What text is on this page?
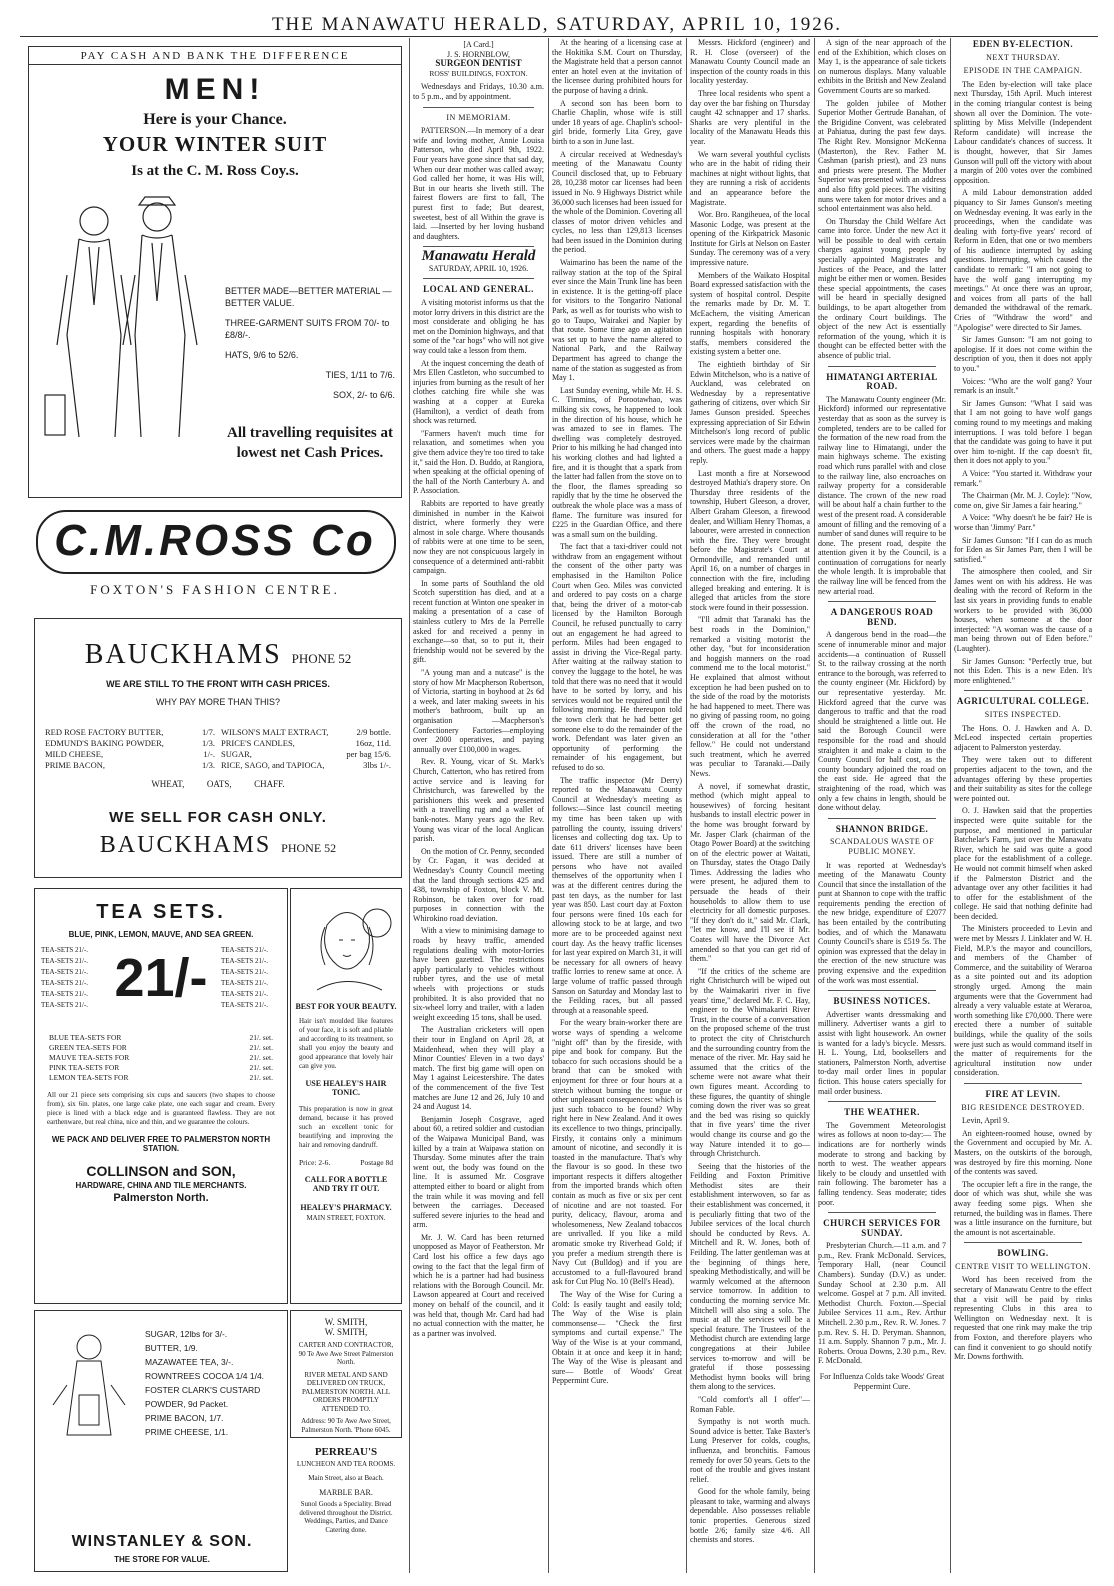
THE MANAWATU HERALD, SATURDAY, APRIL 10, 1926.
PAY CASH AND BANK THE DIFFERENCE
MEN!
Here is your Chance.
YOUR WINTER SUIT
Is at the C. M. Ross Coy.s.
BETTER MADE—BETTER MATERIAL —BETTER VALUE.
THREE-GARMENT SUITS FROM 70/- to £8/8/-.
HATS, 9/6 to 52/6.
TIES, 1/11 to 7/6.
SOX, 2/- to 6/6.
All travelling requisites at
lowest net Cash Prices.
C.M.ROSS Co
FOXTON'S FASHION CENTRE.
BAUCKHAMS PHONE 52
WE ARE STILL TO THE FRONT WITH CASH PRICES.
WHY PAY MORE THAN THIS?
RED ROSE FACTORY BUTTER,	1/7.
EDMUND'S BAKING POWDER,	1/3.
MILD CHEESE,	1/-.
PRIME BACON,	1/3.
WILSON'S MALT EXTRACT,	2/9 bottle.
PRICE'S CANDLES,	16oz, 11d.
SUGAR,	per bag 15/6.
RICE, SAGO, and TAPIOCA,	3lbs 1/-.
WHEAT,          OATS,          CHAFF.
WE SELL FOR CASH ONLY.
BAUCKHAMS PHONE 52
TEA SETS.
BLUE, PINK, LEMON, MAUVE, AND SEA GREEN.
TEA-SETS 21/-.
TEA-SETS 21/-.
TEA-SETS 21/-.
TEA-SETS 21/-.
TEA-SETS 21/-.
TEA-SETS 21/-. 21/-	TEA-SETS 21/-.
TEA-SETS 21/-.
TEA-SETS 21/-.
TEA-SETS 21/-.
TEA-SETS 21/-.
TEA-SETS 21/-.
BLUE TEA-SETS FOR	21/. set.
GREEN TEA-SETS FOR	21/. set.
MAUVE TEA-SETS FOR	21/. set.
PINK TEA-SETS FOR	21/. set.
LEMON TEA-SETS FOR	21/. set.
All our 21 piece sets comprising six cups and saucers (two shapes to choose from), six 6in. plates, one large cake plate, one each sugar and cream. Every piece is lined with a black edge and is guaranteed flawless. They are not earthenware, but real china, nice and thin, and we guarantee the colours.
WE PACK AND DELIVER FREE TO PALMERSTON NORTH STATION.
COLLINSON and SON,
HARDWARE, CHINA AND TILE MERCHANTS.
Palmerston North.
BEST FOR YOUR BEAUTY.
Hair isn't moulded like features of your face, it is soft and pliable and according to its treatment, so shall you enjoy the beauty and good appearance that lovely hair can give you.
USE HEALEY'S HAIR TONIC.
This preparation is now in great demand, because it has proved such an excellent tonic for beautifying and improving the hair and removing dandruff.
Price: 2-6.	Postage 8d
CALL FOR A BOTTLE AND TRY IT OUT.
HEALEY'S PHARMACY.
MAIN STREET, FOXTON.
SUGAR, 12lbs for 3/-.
BUTTER, 1/9.
MAZAWATEE TEA, 3/-.
ROWNTREES COCOA 1/4 1/4.
FOSTER CLARK'S CUSTARD POWDER, 9d Packet.
PRIME BACON, 1/7.
PRIME CHEESE, 1/1.
WINSTANLEY & SON.
THE STORE FOR VALUE.
W. SMITH,
W. SMITH,
CARTER AND CONTRACTOR, 90 Te Awe Awe Street Palmerston North.
RIVER METAL AND SAND DELIVERED ON TRUCK, PALMERSTON NORTH. ALL ORDERS PROMPTLY ATTENDED TO.
Address: 90 Te Awe Awe Street, Palmerston North. 'Phone 6045.
PERREAU'S
LUNCHEON AND TEA ROOMS.
Main Street, also at Beach.
MARBLE BAR.
Sunol Goods a Speciality. Bread delivered throughout the District. Weddings, Parties, and Dance Catering done.
[A Card.]
J. S. HORNBLOW,
SURGEON DENTIST
ROSS' BUILDINGS, FOXTON.

Wednesdays and Fridays, 10.30 a.m. to 5 p.m., and by appointment.

IN MEMORIAM.

PATTERSON.—In memory of a dear wife and loving mother, Annie Louisa Patterson, who died April 9th, 1922. Four years have gone since that sad day, When our dear mother was called away; God called her home, it was His will, But in our hearts she liveth still. The fairest flowers are first to fall, The purest first to fade; But dearest, sweetest, best of all Within the grave is laid. —Inserted by her loving husband and daughters.

Manawatu Herald
SATURDAY, APRIL 10, 1926.
LOCAL AND GENERAL.

A visiting motorist informs us that the motor lorry drivers in this district are the most considerate and obliging he has met on the Dominion highways, and that some of the "car hogs" who will not give way could take a lesson from them.

At the inquest concerning the death of Mrs Ellen Castleton, who succumbed to injuries from burning as the result of her clothes catching fire while she was washing at a copper at Eureka (Hamilton), a verdict of death from shock was returned.

"Farmers haven't much time for relaxation, and sometimes when you give them advice they're too tired to take it," said the Hon. D. Buddo, at Rangiora, when speaking at the official opening of the hall of the North Canterbury A. and P. Association.

Rabbits are reported to have greatly diminished in number in the Kaiwoi district, where formerly they were almost in sole charge. Where thousands of rabbits were at one time to be seen, now they are not conspicuous largely in consequence of a determined anti-rabbit campaign.

In some parts of Southland the old Scotch superstition has died, and at a recent function at Winton one speaker in making a presentation of a case of stainless cutlery to Mrs de la Perrelle asked for and received a penny in exchange—so that, so to put it, their friendship would not be severed by the gift.

"A young man and a nutcase" is the story of how Mr Macpherson Robertson, of Victoria, starting in boyhood at 2s 6d a week, and later making sweets in his mother's bathroom, built up an organisation —Macpherson's Confectionery Factories—employing over 2000 operatives, and paying annually over £100,000 in wages.

Rev. R. Young, vicar of St. Mark's Church, Catterton, who has retired from active service and is leaving for Christchurch, was farewelled by the parishioners this week and presented with a travelling rug and a wallet of bank-notes. Many years ago the Rev. Young was vicar of the local Anglican parish.

On the motion of Cr. Penny, seconded by Cr. Fagan, it was decided at Wednesday's County Council meeting that the land through sections 425 and 438, township of Foxton, block V. Mt. Robinson, be taken over for road purposes in connection with the Whirokino road deviation.

With a view to minimising damage to roads by heavy traffic, amended regulations dealing with motor-lorries have been gazetted. The restrictions apply particularly to vehicles without rubber tyres, and the use of metal wheels with projections or studs prohibited. It is also provided that no six-wheel lorry and trailer, with a laden weight exceeding 15 tons, shall be used.

The Australian cricketers will open their tour in England on April 28, at Maidenhead, when they will play a Minor Counties' Eleven in a two days' match. The first big game will open on May 1 against Leicestershire. The dates of the commencement of the five Test matches are June 12 and 26, July 10 and 24 and August 14.

Benjamin Joseph Cosgrave, aged about 60, a retired soldier and custodian of the Waipawa Municipal Band, was killed by a train at Waipawa station on Thursday. Some minutes after the train went out, the body was found on the line. It is assumed Mr. Cosgrave attempted either to board or alight from the train while it was moving and fell between the carriages. Deceased suffered severe injuries to the head and arm.

Mr. J. W. Card has been returned unopposed as Mayor of Featherston. Mr Card lost his office a few days ago owing to the fact that the legal firm of which he is a partner had had business relations with the Borough Council. Mr. Lawson appeared at Court and received money on behalf of the council, and it was held that, though Mr. Card had had no actual connection with the matter, he as a partner was involved.

At the hearing of a licensing case at the Hokitika S.M. Court on Thursday, the Magistrate held that a person cannot enter an hotel even at the invitation of the licensee during prohibited hours for the purpose of having a drink.

A second son has been born to Charlie Chaplin, whose wife is still under 18 years of age. Chaplin's school-girl bride, formerly Lita Grey, gave birth to a son in June last.

A circular received at Wednesday's meeting of the Manawatu County Council disclosed that, up to February 28, 10,238 motor car licenses had been issued in No. 9 Highways District while 36,000 such licenses had been issued for the whole of the Dominion. Covering all classes of motor driven vehicles and cycles, no less than 129,813 licenses had been issued in the Dominion during the period.

Waimarino has been the name of the railway station at the top of the Spiral ever since the Main Trunk line has been in existence. It is the getting-off place for visitors to the Tongariro National Park, as well as for tourists who wish to go to Taupo, Wairakei and Napier by that route. Some time ago an agitation was set up to have the name altered to National Park, and the Railway Department has agreed to change the name of the station as suggested as from May 1.

Last Sunday evening, while Mr. H. S. C. Timmins, of Porootawhao, was milking six cows, he happened to look in the direction of his house, which he was amazed to see in flames. The dwelling was completely destroyed. Prior to his milking he had changed into his working clothes and had lighted a fire, and it is thought that a spark from the latter had fallen from the stove on to the floor, the flames spreading so rapidly that by the time he observed the outbreak the whole place was a mass of flame. The furniture was insured for £225 in the Guardian Office, and there was a small sum on the building.

The fact that a taxi-driver could not withdraw from an engagement without the consent of the other party was emphasised in the Hamilton Police Court when Geo. Miles was convicted and ordered to pay costs on a charge that, being the driver of a motor-cab licensed by the Hamilton Borough Council, he refused punctually to carry out an engagement he had agreed to perform. Miles had been engaged to assist in driving the Vice-Regal party. After waiting at the railway station to convey the luggage to the hotel, he was told that there was no need that it would have to be sorted by lorry, and his services would not be required until the following morning. He thereupon told the town clerk that he had better get someone else to do the remainder of the work. Defendant was later given an opportunity of performing the remainder of his engagement, but refused to do so.

The traffic inspector (Mr Derry) reported to the Manawatu County Council at Wednesday's meeting as follows:—Since last council meeting my time has been taken up with patrolling the county, issuing drivers' licenses and collecting dog tax. Up to date 611 drivers' licenses have been issued. There are still a number of persons who have not availed themselves of the opportunity when I was at the different centres during the past ten days, as the number for last year was 850. Last court day at Foxton four persons were fined 10s each for allowing stock to be at large, and two more are to be proceeded against next court day. As the heavy traffic licenses for last year expired on March 31, it will be necessary for all owners of heavy traffic lorries to renew same at once. A large volume of traffic passed through Sanson on Saturday and Monday last to the Feilding races, but all passed through at a reasonable speed.

For the weary brain-worker there are worse ways of spending a welcome "night off" than by the fireside, with pipe and book for company. But the tobacco for such occasions should be a brand that can be smoked with enjoyment for three or four hours at a stretch without burning the tongue or other unpleasant consequences: which is just such tobacco to be found? Why right here in New Zealand. And it owes its excellence to two things, principally. Firstly, it contains only a minimum amount of nicotine, and secondly it is toasted in the manufacture. That's why the flavour is so good. In these two important respects it differs altogether from the imported brands which often contain as much as five or six per cent of nicotine and are not toasted. For purity, delicacy, flavour, aroma and wholesomeness, New Zealand tobaccos are unrivalled. If you like a mild aromatic smoke try Riverhead Gold; if you prefer a medium strength there is Navy Cut (Bulldog) and if you are accustomed to a full-flavoured brand ask for Cut Plug No. 10 (Bell's Head).

The Way of the Wise for Curing a Cold: Is easily taught and easily told; The Way of the Wise is plain commonsense— "Check the first symptoms and curtail expense." The Way of the Wise is at your command, Obtain it at once and keep it in hand; The Way of the Wise is pleasant and sure— Bottle of Woods' Great Peppermint Cure.

Messrs. Hickford (engineer) and R. H. Close (overseer) of the Manawatu County Council made an inspection of the county roads in this locality yesterday.

Three local residents who spent a day over the bar fishing on Thursday caught 42 schnapper and 17 sharks. Sharks are very plentiful in the locality of the Manawatu Heads this year.

We warn several youthful cyclists who are in the habit of riding their machines at night without lights, that they are running a risk of accidents and an appearance before the Magistrate.

Wor. Bro. Rangiheuea, of the local Masonic Lodge, was present at the opening of the Kirkpatrick Masonic Institute for Girls at Nelson on Easter Sunday. The ceremony was of a very impressive nature.

Members of the Waikato Hospital Board expressed satisfaction with the system of hospital control. Despite the remarks made by Dr. M. T. McEachern, the visiting American expert, regarding the benefits of running hospitals with honorary staffs, members considered the existing system a better one.

The eightieth birthday of Sir Edwin Mitchelson, who is a native of Auckland, was celebrated on Wednesday by a representative gathering of citizens, over which Sir James Gunson presided. Speeches expressing appreciation of Sir Edwin Mitchelson's long record of public services were made by the chairman and others. The guest made a happy reply.

Last month a fire at Norsewood destroyed Mathia's drapery store. On Thursday three residents of the township, Hubert Gleeson, a drover, Albert Graham Gleeson, a firewood dealer, and William Henry Thomas, a labourer, were arrested in connection with the fire. They were brought before the Magistrate's Court at Ormondville, and remanded until April 16, on a number of charges in connection with the fire, including alleged breaking and entering. It is alleged that articles from the store stock were found in their possession.

"I'll admit that Taranaki has the best roads in the Dominion," remarked a visiting motorist the other day, "but for inconsideration and hoggish manners on the road commend me to the local motorist." He explained that almost without exception he had been pushed on to the side of the road by the motorists he had happened to meet. There was no giving of passing room, no going off the crown of the road, no consideration at all for the "other fellow." He could not understand such treatment, which he averred was peculiar to Taranaki.—Daily News.

A novel, if somewhat drastic, method (which might appeal to housewives) of forcing hesitant husbands to install electric power in the home was brought forward by Mr. Jasper Clark (chairman of the Otago Power Board) at the switching on of the electric power at Waitati, on Thursday, states the Otago Daily Times. Addressing the ladies who were present, he adjured them to persuade the heads of their households to allow them to use electricity for all domestic purposes. "If they don't do it," said Mr. Clark, "let me know, and I'll see if Mr. Coates will have the Divorce Act amended so that you can get rid of them."

"If the critics of the scheme are right Christchurch will be wiped out by the Waimakariri river in five years' time," declared Mr. F. C. Hay, engineer to the Whimakariri River Trust, in the course of a conversation on the proposed scheme of the trust to protect the city of Christchurch and the surrounding country from the menace of the river. Mr. Hay said he assumed that the critics of the scheme were not aware what their own figures meant. According to these figures, the quantity of shingle coming down the river was so great and the bed was rising so quickly that in five years' time the river would change its course and go the way Nature intended it to go—through Christchurch.

Seeing that the histories of the Feilding and Foxton Primitive Methodist sites are their establishment interwoven, so far as their establishment was concerned, it is peculiarly fitting that two of the Jubilee services of the local church should be conducted by Revs. A. Mitchell and R. W. Jones, both of Feilding. The latter gentleman was at the beginning of things here, speaking Methodistically, and will be warmly welcomed at the afternoon service tomorrow. In addition to conducting the morning service Mr. Mitchell will also sing a solo. The music at all the services will be a special feature. The Trustees of the Methodist church are extending large congregations at their Jubilee services to-morrow and will be grateful if those possessing Methodist hymn books will bring them along to the services.

"Cold comfort's all I offer"—Roman Fable.

Sympathy is not worth much. Sound advice is better. Take Baxter's Lung Preserver for colds, coughs, influenza, and bronchitis. Famous remedy for over 50 years. Gets to the root of the trouble and gives instant relief.

Good for the whole family, being pleasant to take, warming and always dependable. Also possesses reliable tonic properties. Generous sized bottle 2/6; family size 4/6. All chemists and stores.

A sign of the near approach of the end of the Exhibition, which closes on May 1, is the appearance of sale tickets on numerous displays. Many valuable exhibits in the British and New Zealand Government Courts are so marked.

The golden jubilee of Mother Superior Mother Gertrude Banahan, of the Brigidine Convent, was celebrated at Pahiatua, during the past few days. The Right Rev. Monsignor McKenna (Masterton), the Rev. Father M. Cashman (parish priest), and 23 nuns and priests were present. The Mother Superior was presented with an address and also fifty gold pieces. The visiting nuns were taken for motor drives and a school entertainment was also held.

On Thursday the Child Welfare Act came into force. Under the new Act it will be possible to deal with certain charges against young people by specially appointed Magistrates and Justices of the Peace, and the latter might be either men or women. Besides these special appointments, the cases will be heard in specially designed buildings, to be apart altogether from the ordinary Court buildings. The object of the new Act is essentially reformation of the young, which it is thought can be effected better with the absence of public trial.

HIMATANGI ARTERIAL ROAD.

The Manawatu County engineer (Mr. Hickford) informed our representative yesterday that as soon as the survey is completed, tenders are to be called for the formation of the new road from the railway line to Himatangi, under the main highways scheme. The existing road which runs parallel with and close to the railway line, also encroaches on railway property for a considerable distance. The crown of the new road will be about half a chain further to the west of the present road. A considerable amount of filling and the removing of a number of sand dunes will require to be done. The present road, despite the attention given it by the Council, is a continuation of corrugations for nearly the whole length. It is improbable that the railway line will be fenced from the new arterial road.

A DANGEROUS ROAD BEND.

A dangerous bend in the road—the scene of innumerable minor and major accidents—a continuation of Russell St. to the railway crossing at the north entrance to the borough, was referred to the county engineer (Mr. Hickford) by our representative yesterday. Mr. Hickford agreed that the curve was dangerous to traffic and that the road should be straightened a little out. He said the Borough Council were responsible for the road and should straighten it and make a claim to the County Council for half cost, as the county boundary adjoined the road on the east side. He agreed that the straightening of the road, which was only a few chains in length, should be done without delay.

SHANNON BRIDGE.
SCANDALOUS WASTE OF PUBLIC MONEY.

It was reported at Wednesday's meeting of the Manawatu County Council that since the installation of the punt at Shannon to cope with the traffic requirements pending the erection of the new bridge, expenditure of £2077 has been entailed by the contributing bodies, and of which the Manawatu County Council's share is £519 5s. The opinion was expressed that the delay in the erection of the new structure was proving expensive and the expedition of the work was most essential.

BUSINESS NOTICES.

Advertiser wants dressmaking and millinery. Advertiser wants a girl to assist with light housework. An owner is wanted for a lady's bicycle. Messrs. H. L. Young, Ltd, booksellers and stationers, Palmerston North, advertise to-day mail order lines in popular fiction. This house caters specially for mail order business.

THE WEATHER.

The Government Meteorologist wires as follows at noon to-day:— The indications are for northerly winds moderate to strong and backing by north to west. The weather appears likely to be cloudy and unsettled with rain following. The barometer has a falling tendency. Seas moderate; tides poor.

CHURCH SERVICES FOR SUNDAY.

Presbyterian Church.—11 a.m. and 7 p.m., Rev. Frank McDonald. Services, Temporary Hall, (near Council Chambers). Sunday (D.V.) as under. Sunday School at 2.30 p.m. All welcome. Gospel at 7 p.m. All invited. Methodist Church. Foxton.—Special Jubilee Services 11 a.m., Rev. Arthur Mitchell. 2.30 p.m., Rev. R. W. Jones. 7 p.m. Rev. S. H. D. Peryman. Shannon, 11 a.m. Supply. Shannon 7 p.m., Mr. J. Roberts. Oroua Downs, 2.30 p.m., Rev. F. McDonald.

For Influenza Colds take Woods' Great Peppermint Cure.
EDEN BY-ELECTION.
NEXT THURSDAY.
EPISODE IN THE CAMPAIGN.

The Eden by-election will take place next Thursday, 15th April. Much interest in the coming triangular contest is being shown all over the Dominion. The vote-splitting by Miss Melville (Independent Reform candidate) will increase the Labour candidate's chances of success. It is thought, however, that Sir James Gunson will pull off the victory with about a margin of 200 votes over the combined opposition.

A mild Labour demonstration added piquancy to Sir James Gunson's meeting on Wednesday evening. It was early in the proceedings, when the candidate was dealing with forty-five years' record of Reform in Eden, that one or two members of his audience interrupted by asking questions. Interrupting, which caused the candidate to remark: "I am not going to have the wolf gang interrupting my meetings." At once there was an uproar, and voices from all parts of the hall demanded the withdrawal of the remark. Cries of "Withdraw the word" and "Apologise" were directed to Sir James.

Sir James Gunson: "I am not going to apologise. If it does not come within the description of you, then it does not apply to you."

Voices: "Who are the wolf gang? Your remark is an insult."

Sir James Gunson: "What I said was that I am not going to have wolf gangs coming round to my meetings and making interruptions. I was told before I began that the candidate was going to have it put over him to-night. If the cap doesn't fit, then it does not apply to you."

A Voice: "You started it. Withdraw your remark."

The Chairman (Mr. M. J. Coyle): "Now, come on, give Sir James a fair hearing."

A Voice: "Why doesn't he be fair? He is worse than 'Jimmy' Parr."

Sir James Gunson: "If I can do as much for Eden as Sir James Parr, then I will be satisfied."

The atmosphere then cooled, and Sir James went on with his address. He was dealing with the record of Reform in the last six years in providing funds to enable workers to be provided with 36,000 houses, when someone at the door interjected: "A woman was the cause of a man being thrown out of Eden before." (Laughter).

Sir James Gunson: "Perfectly true, but not this Eden. This is a new Eden. It's more enlightened."

AGRICULTURAL COLLEGE.
SITES INSPECTED.

The Hons. O. J. Hawken and A. D. McLeod inspected certain properties adjacent to Palmerston yesterday.

They were taken out to different properties adjacent to the town, and the advantages offering by these properties and their suitability as sites for the college were pointed out.

O. J. Hawken said that the properties inspected were quite suitable for the purpose, and mentioned in particular Batchelar's Farm, just over the Manawatu River, which he said was quite a good place for the establishment of a college. He would not commit himself when asked if the Palmerston District and the advantage over any other facilities it had to offer for the establishment of the college. He said that nothing definite had been decided.

The Ministers proceeded to Levin and were met by Messrs J. Linklater and W. H. Field, M.P.'s the mayor and councillors, and members of the Chamber of Commerce, and the suitability of Weraroa as a site pointed out and its adoption strongly urged. Among the main arguments were that the Government had already a very valuable estate at Weraroa, worth something like £70,000. There were erected there a number of suitable buildings, while the quality of the soils were just such as would command itself in the matter of requirements for the agricultural institution now under consideration.

FIRE AT LEVIN.
BIG RESIDENCE DESTROYED.

Levin, April 9.

An eighteen-roomed house, owned by the Government and occupied by Mr. A. Masters, on the outskirts of the borough, was destroyed by fire this morning. None of the contents was saved.

The occupier left a fire in the range, the door of which was shut, while she was away feeding some pigs. When she returned, the building was in flames. There was a little insurance on the furniture, but the amount is not ascertainable.

BOWLING.
CENTRE VISIT TO WELLINGTON.

Word has been received from the secretary of Manawatu Centre to the effect that a visit will be paid by rinks representing Clubs in this area to Wellington on Wednesday next. It is requested that one rink may make the trip from Foxton, and therefore players who can find it convenient to go should notify Mr. Downs forthwith.
